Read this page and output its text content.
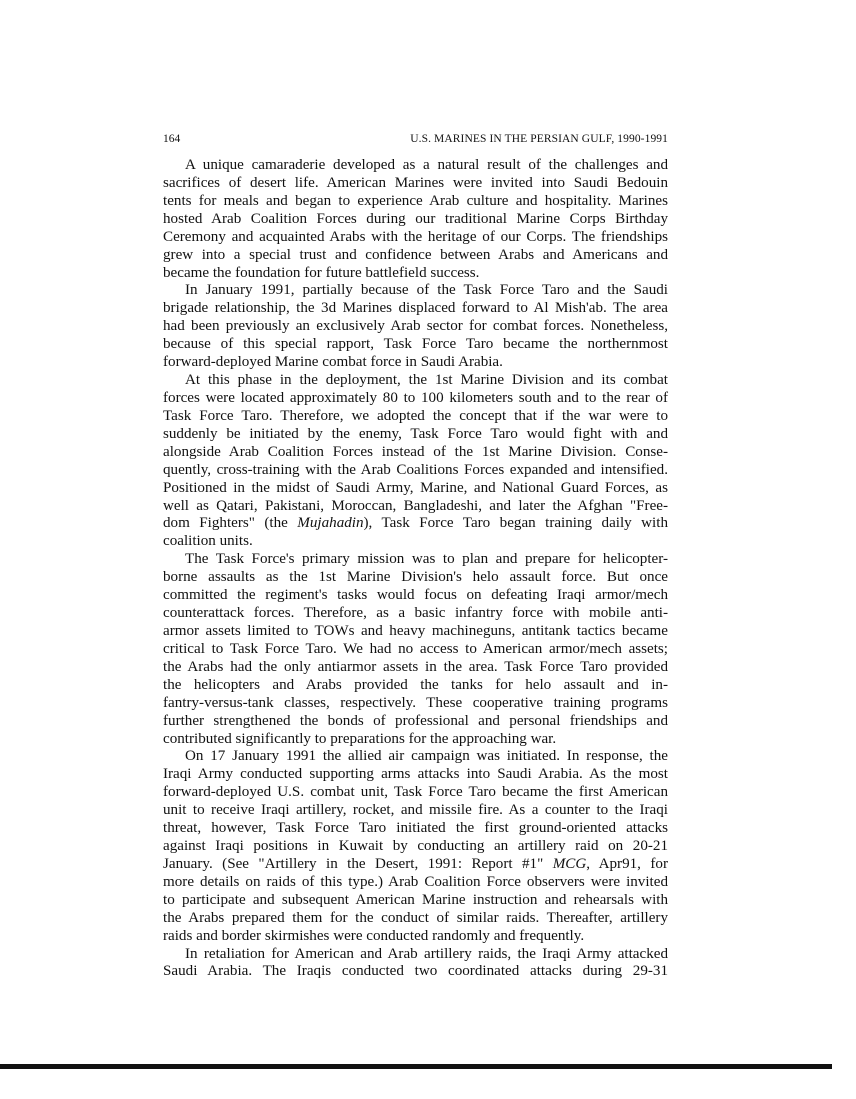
164	U.S. MARINES IN THE PERSIAN GULF, 1990-1991
A unique camaraderie developed as a natural result of the challenges and
sacrifices of desert life. American Marines were invited into Saudi Bedouin
tents for meals and began to experience Arab culture and hospitality. Marines
hosted Arab Coalition Forces during our traditional Marine Corps Birthday
Ceremony and acquainted Arabs with the heritage of our Corps. The friendships
grew into a special trust and confidence between Arabs and Americans and
became the foundation for future battlefield success.
In January 1991, partially because of the Task Force Taro and the Saudi
brigade relationship, the 3d Marines displaced forward to Al Mish'ab. The area
had been previously an exclusively Arab sector for combat forces. Nonetheless,
because of this special rapport, Task Force Taro became the northernmost
forward-deployed Marine combat force in Saudi Arabia.
At this phase in the deployment, the 1st Marine Division and its combat
forces were located approximately 80 to 100 kilometers south and to the rear of
Task Force Taro. Therefore, we adopted the concept that if the war were to
suddenly be initiated by the enemy, Task Force Taro would fight with and
alongside Arab Coalition Forces instead of the 1st Marine Division. Conse-
quently, cross-training with the Arab Coalitions Forces expanded and intensified.
Positioned in the midst of Saudi Army, Marine, and National Guard Forces, as
well as Qatari, Pakistani, Moroccan, Bangladeshi, and later the Afghan "Free-
dom Fighters" (the Mujahadin), Task Force Taro began training daily with
coalition units.
The Task Force's primary mission was to plan and prepare for helicopter-
borne assaults as the 1st Marine Division's helo assault force. But once
committed the regiment's tasks would focus on defeating Iraqi armor/mech
counterattack forces. Therefore, as a basic infantry force with mobile anti-
armor assets limited to TOWs and heavy machineguns, antitank tactics became
critical to Task Force Taro. We had no access to American armor/mech assets;
the Arabs had the only antiarmor assets in the area. Task Force Taro provided
the helicopters and Arabs provided the tanks for helo assault and in-
fantry-versus-tank classes, respectively. These cooperative training programs
further strengthened the bonds of professional and personal friendships and
contributed significantly to preparations for the approaching war.
On 17 January 1991 the allied air campaign was initiated. In response, the
Iraqi Army conducted supporting arms attacks into Saudi Arabia. As the most
forward-deployed U.S. combat unit, Task Force Taro became the first American
unit to receive Iraqi artillery, rocket, and missile fire. As a counter to the Iraqi
threat, however, Task Force Taro initiated the first ground-oriented attacks
against Iraqi positions in Kuwait by conducting an artillery raid on 20-21
January. (See "Artillery in the Desert, 1991: Report #1" MCG, Apr91, for
more details on raids of this type.) Arab Coalition Force observers were invited
to participate and subsequent American Marine instruction and rehearsals with
the Arabs prepared them for the conduct of similar raids. Thereafter, artillery
raids and border skirmishes were conducted randomly and frequently.
In retaliation for American and Arab artillery raids, the Iraqi Army attacked
Saudi Arabia. The Iraqis conducted two coordinated attacks during 29-31
